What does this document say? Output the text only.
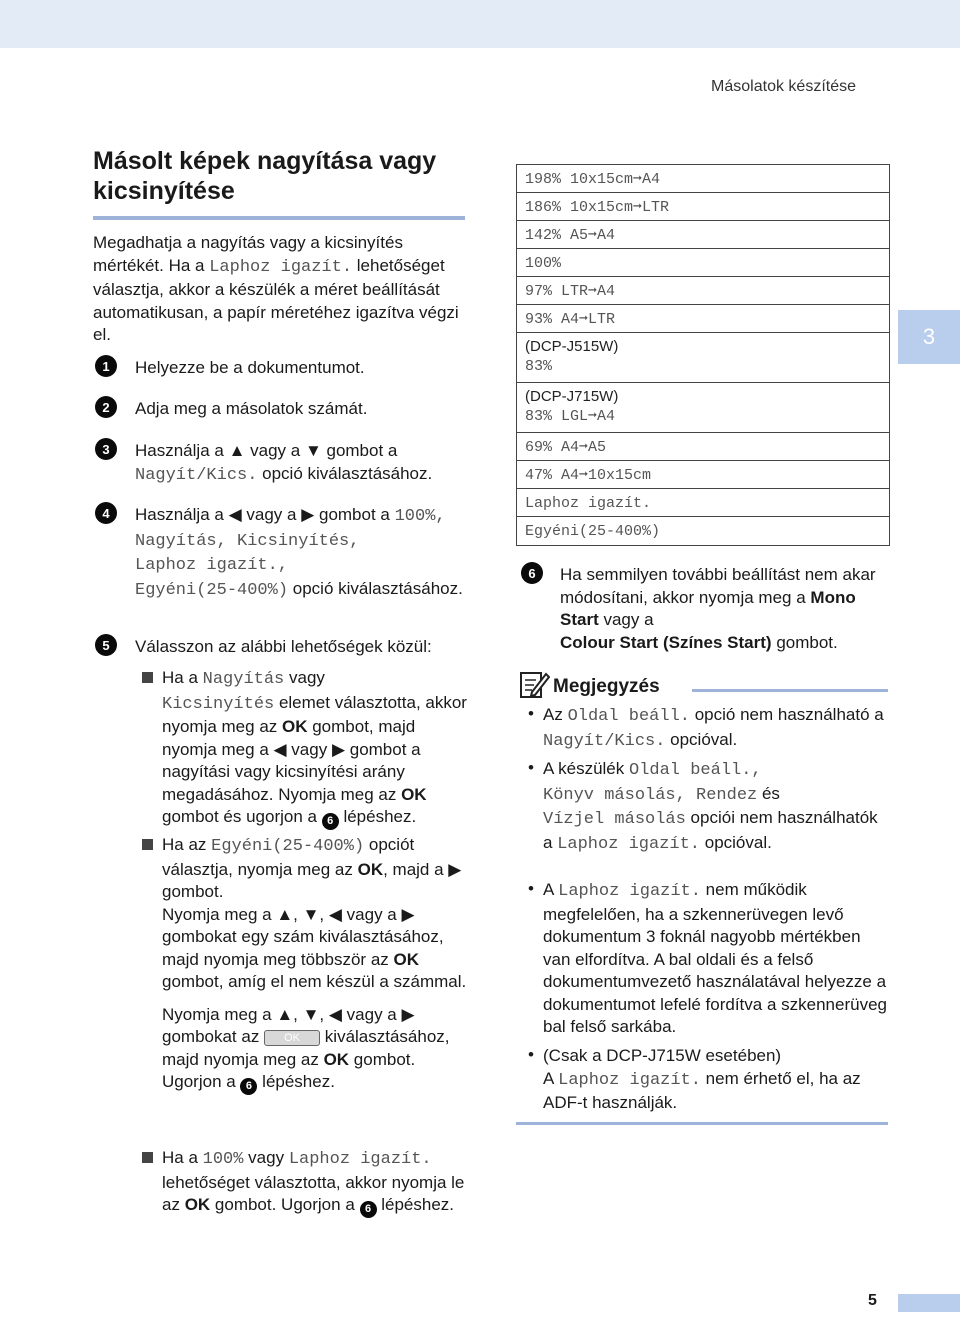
Másolatok készítése
3
Másolt képek nagyítása vagy
kicsinyítése
Megadhatja a nagyítás vagy a kicsinyítés mértékét. Ha a Laphoz igazít. lehetőséget választja, akkor a készülék a méret beállítását automatikusan, a papír méretéhez igazítva végzi el.
1	Helyezze be a dokumentumot.
2	Adja meg a másolatok számát.
3	Használja a ▲ vagy a ▼ gombot a
Nagyít/Kics. opció kiválasztásához.
4	Használja a ◀ vagy a ▶ gombot a 100%,
Nagyítás, Kicsinyítés,
Laphoz igazít.,
Egyéni(25-400%) opció kiválasztásához.
5	Válasszon az alábbi lehetőségek közül:
Ha a Nagyítás vagy
Kicsinyítés elemet választotta, akkor nyomja meg az OK gombot, majd nyomja meg a ◀ vagy ▶ gombot a nagyítási vagy kicsinyítési arány megadásához. Nyomja meg az OK gombot és ugorjon a 6 lépéshez.
Ha az Egyéni(25-400%) opciót választja, nyomja meg az OK, majd a ▶ gombot.
Nyomja meg a ▲, ▼, ◀ vagy a ▶ gombokat egy szám kiválasztásához, majd nyomja meg többször az OK gombot, amíg el nem készül a számmal.
Nyomja meg a ▲, ▼, ◀ vagy a ▶ gombokat az OK kiválasztásához, majd nyomja meg az OK gombot.
Ugorjon a 6 lépéshez.
Ha a 100% vagy Laphoz igazít. lehetőséget választotta, akkor nyomja le az OK gombot. Ugorjon a 6 lépéshez.
198% 10x15cm➞A4
186% 10x15cm➞LTR
142% A5➞A4
100%
97% LTR➞A4
93% A4➞LTR
(DCP-J515W)
83%
(DCP-J715W)
83% LGL➞A4
69% A4➞A5
47% A4➞10x15cm
Laphoz igazít.
Egyéni(25-400%)
6	Ha semmilyen további beállítást nem akar módosítani, akkor nyomja meg a Mono Start vagy a
Colour Start (Színes Start) gombot.
Megjegyzés
• Az Oldal beáll. opció nem használható a Nagyít/Kics. opcióval.
• A készülék Oldal beáll.,
Könyv másolás, Rendez és
Vízjel másolás opciói nem használhatók a Laphoz igazít. opcióval.
• A Laphoz igazít. nem működik megfelelően, ha a szkennerüvegen levő dokumentum 3 foknál nagyobb mértékben van elfordítva. A bal oldali és a felső dokumentumvezető használatával helyezze a dokumentumot lefelé fordítva a szkennerüveg bal felső sarkába.
• (Csak a DCP-J715W esetében)
A Laphoz igazít. nem érhető el, ha az ADF-t használják.
5
